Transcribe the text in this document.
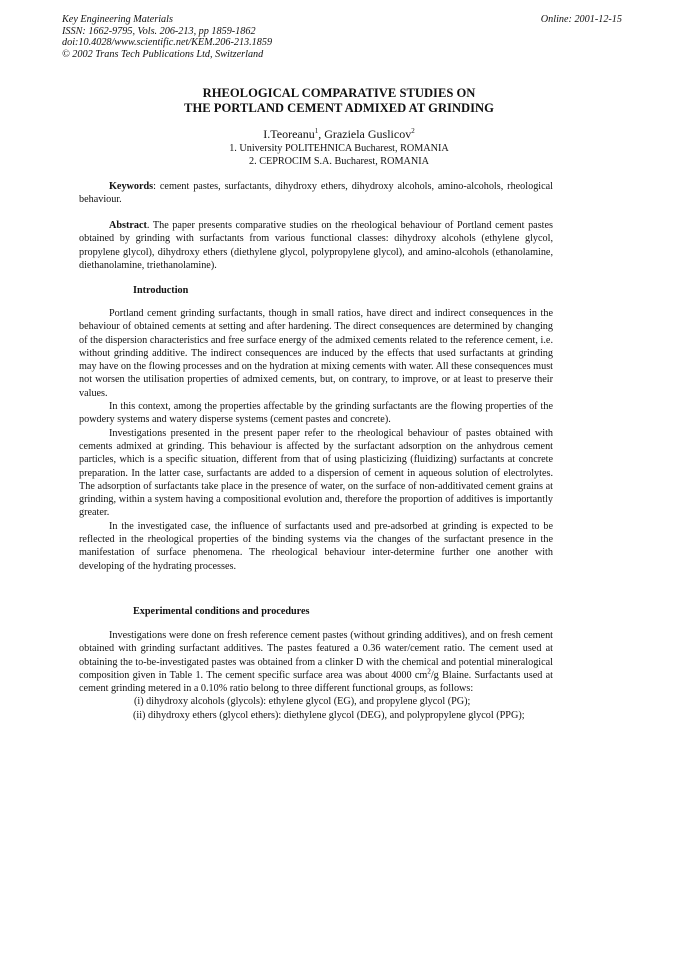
Key Engineering Materials
ISSN: 1662-9795, Vols. 206-213, pp 1859-1862
doi:10.4028/www.scientific.net/KEM.206-213.1859
© 2002 Trans Tech Publications Ltd, Switzerland
Online: 2001-12-15
RHEOLOGICAL COMPARATIVE STUDIES ON
THE PORTLAND CEMENT ADMIXED AT GRINDING
I.Teoreanu$^1$, Graziela Guslicov$^2$
1. University POLITEHNICA Bucharest, ROMANIA
2. CEPROCIM S.A. Bucharest, ROMANIA

Keywords: cement pastes, surfactants, dihydroxy ethers, dihydroxy alcohols, amino-alcohols, rheological behaviour.

Abstract. The paper presents comparative studies on the rheological behaviour of Portland cement pastes obtained by grinding with surfactants from various functional classes: dihydroxy alcohols (ethylene glycol, propylene glycol), dihydroxy ethers (diethylene glycol, polypropylene glycol), and amino-alcohols (ethanolamine, diethanolamine, triethanolamine).

Introduction

Portland cement grinding surfactants, though in small ratios, have direct and indirect consequences in the behaviour of obtained cements at setting and after hardening. The direct consequences are determined by changing of the dispersion characteristics and free surface energy of the admixed cements related to the reference cement, i.e. without grinding additive. The indirect consequences are induced by the effects that used surfactants at grinding may have on the flowing processes and on the hydration at mixing cements with water. All these consequences must not worsen the utilisation properties of admixed cements, but, on contrary, to improve, or at least to preserve their values.

In this context, among the properties affectable by the grinding surfactants are the flowing properties of the powdery systems and watery disperse systems (cement pastes and concrete).

Investigations presented in the present paper refer to the rheological behaviour of pastes obtained with cements admixed at grinding. This behaviour is affected by the surfactant adsorption on the anhydrous cement particles, which is a specific situation, different from that of using plasticizing (fluidizing) surfactants at concrete preparation. In the latter case, surfactants are added to a dispersion of cement in aqueous solution of electrolytes. The adsorption of surfactants take place in the presence of water, on the surface of non-additivated cement grains at grinding, within a system having a compositional evolution and, therefore the proportion of additives is importantly greater.

In the investigated case, the influence of surfactants used and pre-adsorbed at grinding is expected to be reflected in the rheological properties of the binding systems via the changes of the surfactant presence in the manifestation of surface phenomena. The rheological behaviour inter-determine further one another with developing of the hydrating processes.

Experimental conditions and procedures

Investigations were done on fresh reference cement pastes (without grinding additives), and on fresh cement obtained with grinding surfactant additives. The pastes featured a 0.36 water/cement ratio. The cement used at obtaining the to-be-investigated pastes was obtained from a clinker D with the chemical and potential mineralogical composition given in Table 1. The cement specific surface area was about 4000 $cm^2/g$ Blaine. Surfactants used at cement grinding metered in a 0.10% ratio belong to three different functional groups, as follows:

(i) dihydroxy alcohols (glycols): ethylene glycol (EG), and propylene glycol (PG);

(ii) dihydroxy ethers (glycol ethers): diethylene glycol (DEG), and polypropylene glycol (PPG);
